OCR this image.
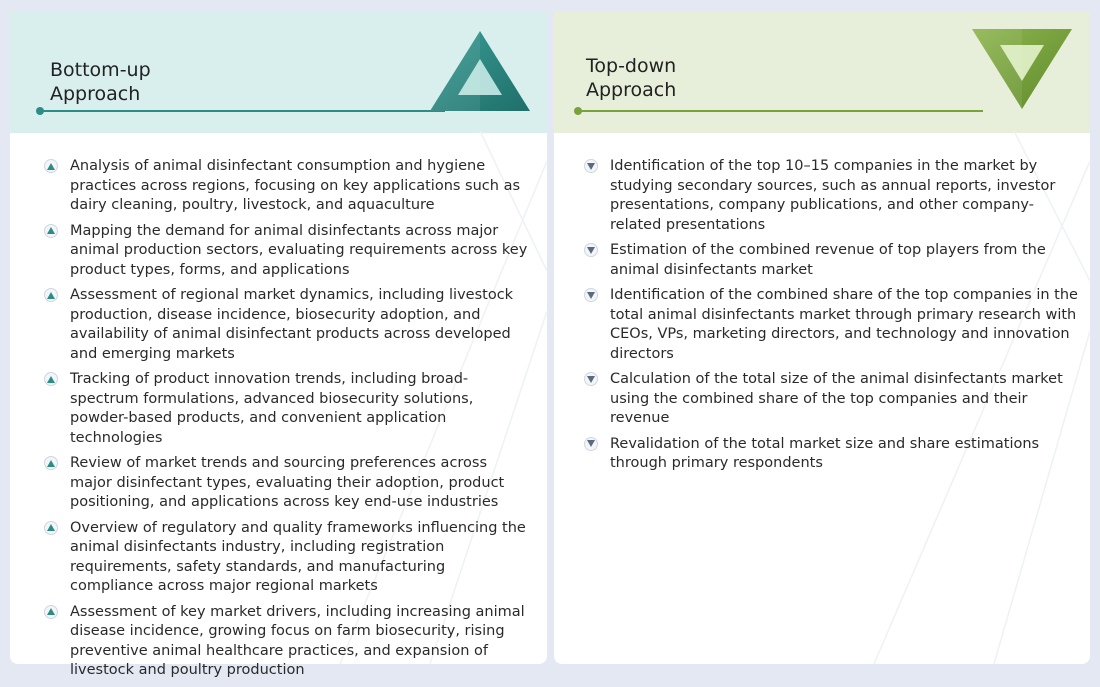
Bottom-up
Approach
Analysis of animal disinfectant consumption and hygiene practices across regions, focusing on key applications such as dairy cleaning, poultry, livestock, and aquaculture
Mapping the demand for animal disinfectants across major animal production sectors, evaluating requirements across key product types, forms, and applications
Assessment of regional market dynamics, including livestock production, disease incidence, biosecurity adoption, and availability of animal disinfectant products across developed and emerging markets
Tracking of product innovation trends, including broad-spectrum formulations, advanced biosecurity solutions, powder-based products, and convenient application technologies
Review of market trends and sourcing preferences across major disinfectant types, evaluating their adoption, product positioning, and applications across key end-use industries
Overview of regulatory and quality frameworks influencing the animal disinfectants industry, including registration requirements, safety standards, and manufacturing compliance across major regional markets
Assessment of key market drivers, including increasing animal disease incidence, growing focus on farm biosecurity, rising preventive animal healthcare practices, and expansion of livestock and poultry production
Top-down
Approach
Identification of the top 10–15 companies in the market by studying secondary sources, such as annual reports, investor presentations, company publications, and other company-related presentations
Estimation of the combined revenue of top players from the animal disinfectants market
Identification of the combined share of the top companies in the total animal disinfectants market through primary research with CEOs, VPs, marketing directors, and technology and innovation directors
Calculation of the total size of the animal disinfectants market using the combined share of the top companies and their revenue
Revalidation of the total market size and share estimations through primary respondents
